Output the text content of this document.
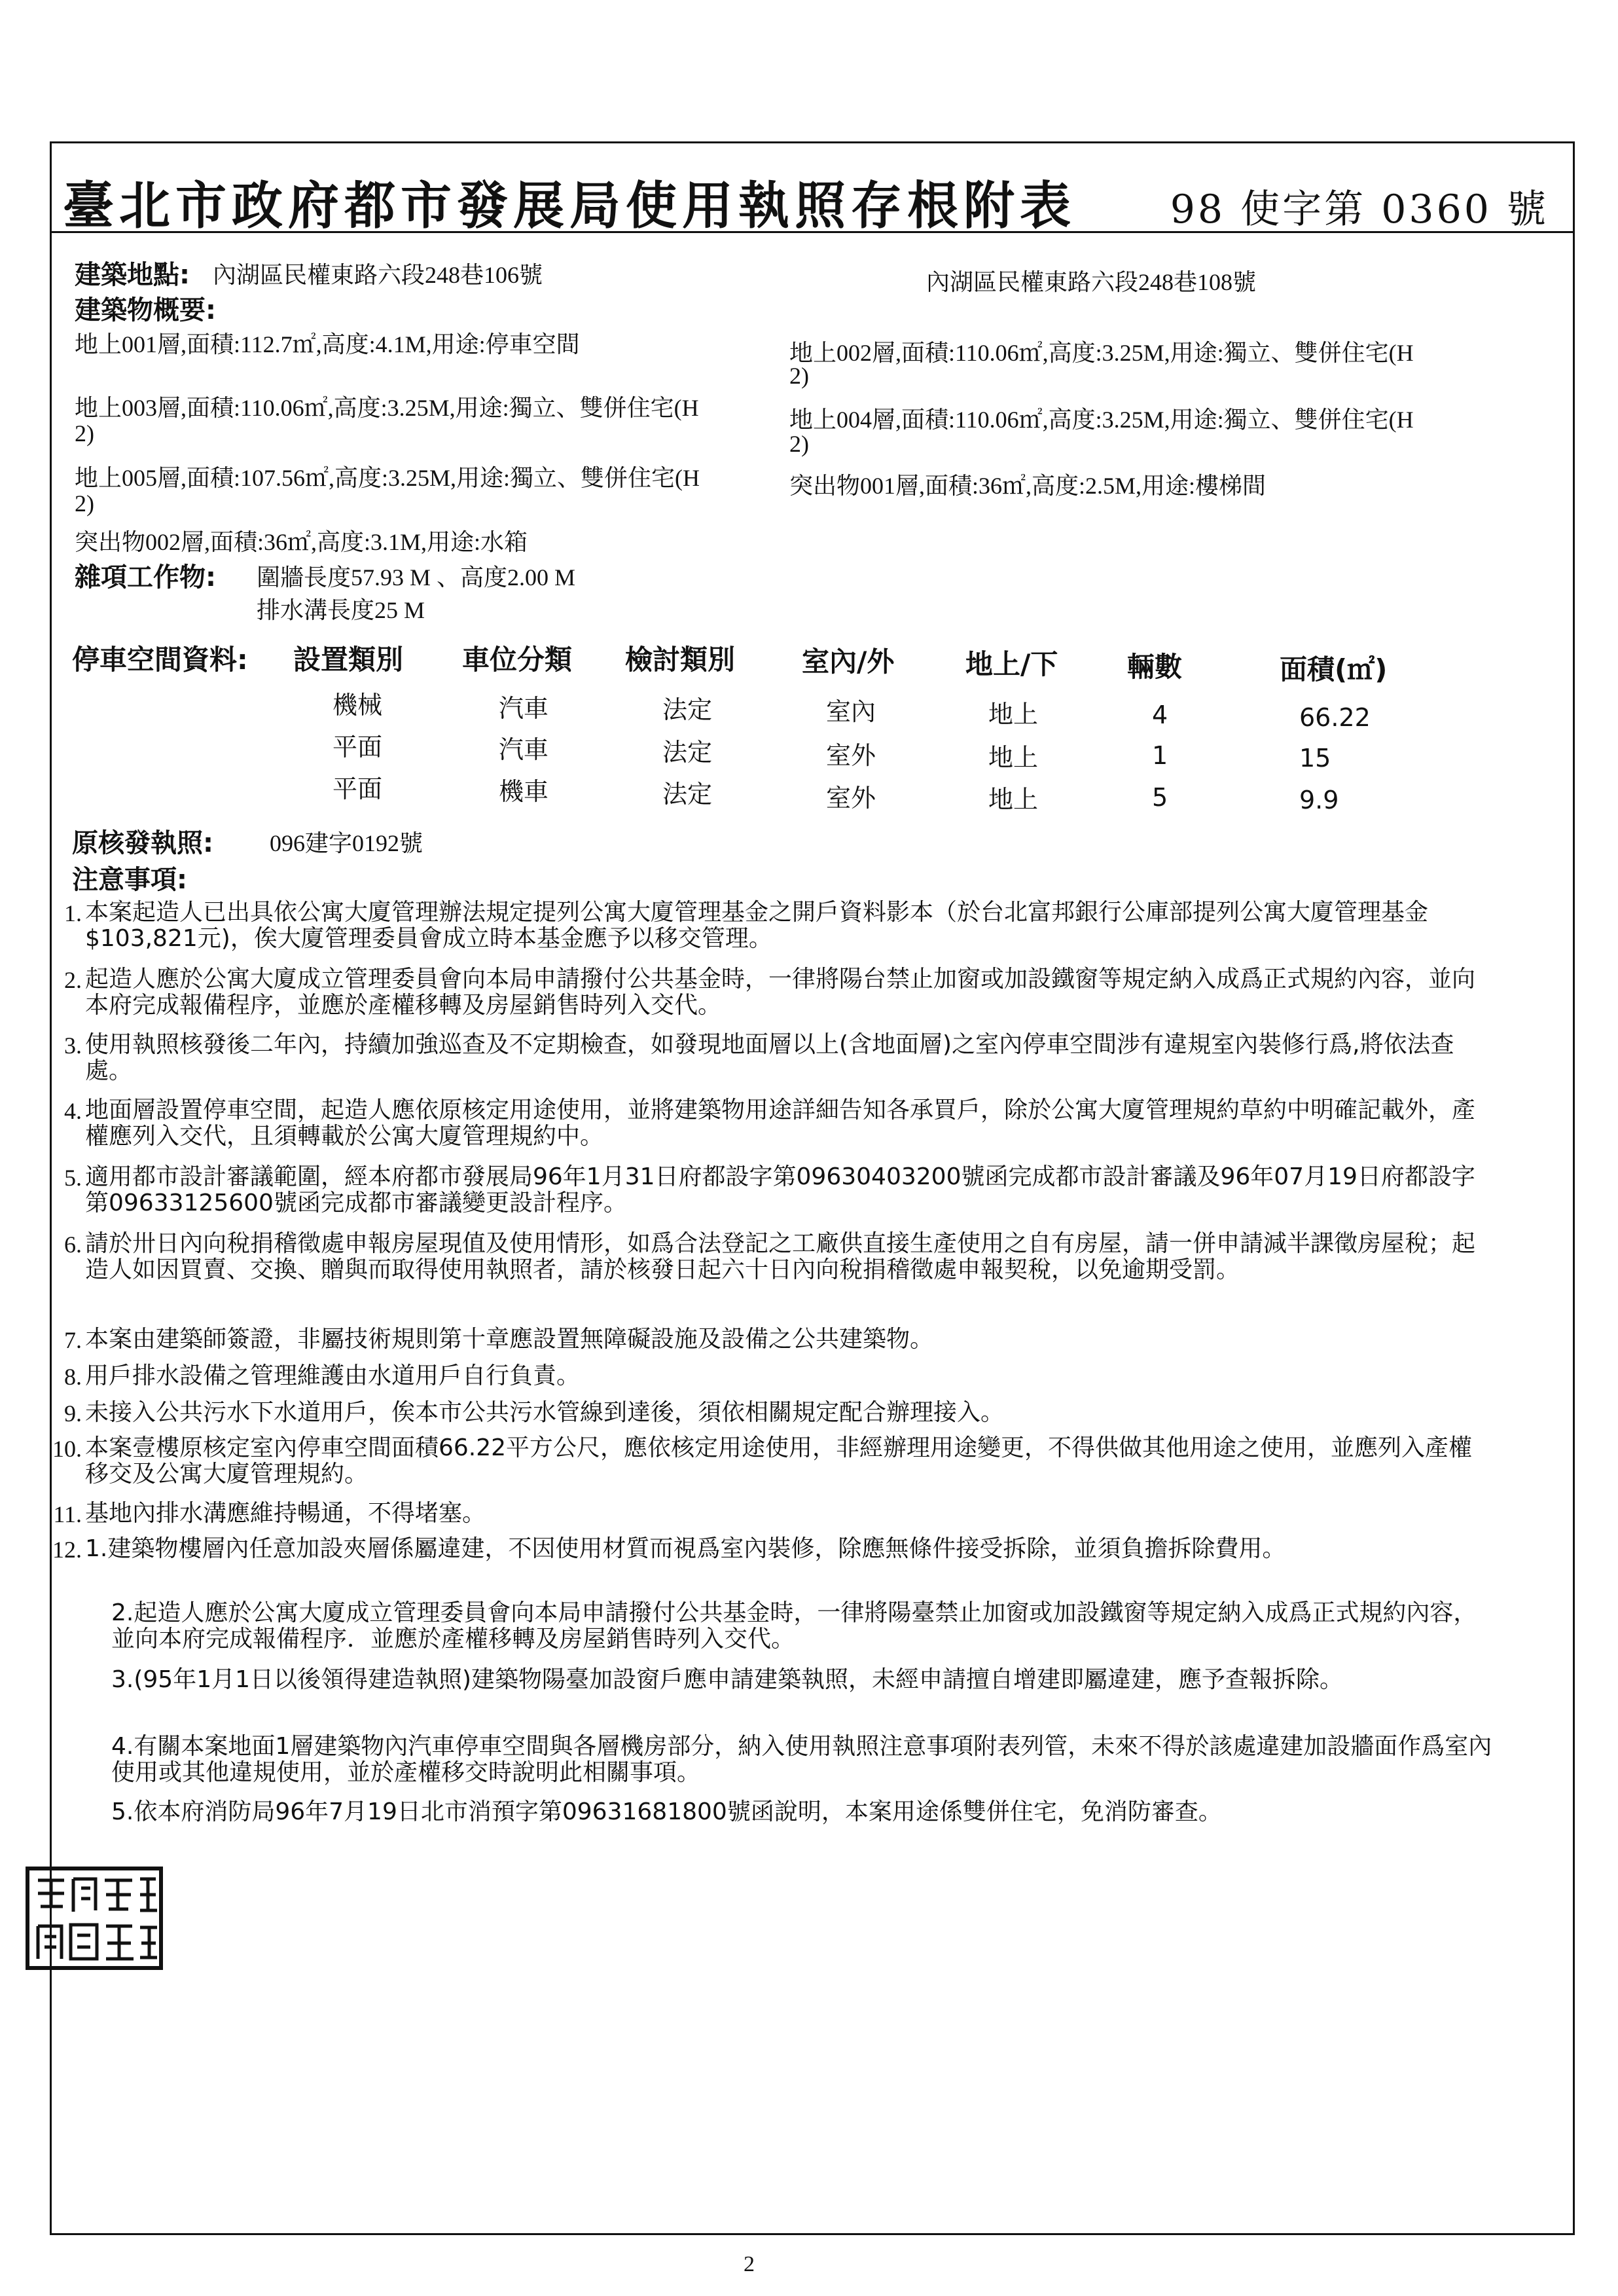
臺北市政府都市發展局使用執照存根附表 98 使字第 0360 號
建築地點: 內湖區民權東路六段248巷106號	內湖區民權東路六段248巷108號
建築物概要:
地上001層,面積:112.7㎡,高度:4.1M,用途:停車空間	地上002層,面積:110.06㎡,高度:3.25M,用途:獨立、雙併住宅(H
2)
地上003層,面積:110.06㎡,高度:3.25M,用途:獨立、雙併住宅(H
2)
地上004層,面積:110.06㎡,高度:3.25M,用途:獨立、雙併住宅(H
2)
地上005層,面積:107.56㎡,高度:3.25M,用途:獨立、雙併住宅(H
2)
突出物001層,面積:36㎡,高度:2.5M,用途:樓梯間
突出物002層,面積:36㎡,高度:3.1M,用途:水箱
雜項工作物: 圍牆長度57.93 M 、高度2.00 M
排水溝長度25 M
停車空間資料: 設置類別 車位分類 檢討類別 室內/外	地上/下	輛數	面積(㎡)
機械	汽車	法定	室內	地上	4	66.22
平面	汽車	法定	室外	地上	1	15
平面	機車	法定	室外	地上	5	9.9
原核發執照: 096建字0192號
注意事項:
1. 本案起造人已出具依公寓大廈管理辦法規定提列公寓大廈管理基金之開戶資料影本（於台北富邦銀行公庫部提列公寓大廈管理基金$103,821元)，俟大廈管理委員會成立時本基金應予以移交管理。
2. 起造人應於公寓大廈成立管理委員會向本局申請撥付公共基金時，一律將陽台禁止加窗或加設鐵窗等規定納入成爲正式規約內容，並向本府完成報備程序，並應於產權移轉及房屋銷售時列入交代。
3. 使用執照核發後二年內，持續加強巡查及不定期檢查，如發現地面層以上(含地面層)之室內停車空間涉有違規室內裝修行爲,將依法查處。
4. 地面層設置停車空間，起造人應依原核定用途使用，並將建築物用途詳細告知各承買戶，除於公寓大廈管理規約草約中明確記載外，產權應列入交代，且須轉載於公寓大廈管理規約中。
5. 適用都市設計審議範圍，經本府都市發展局96年1月31日府都設字第09630403200號函完成都市設計審議及96年07月19日府都設字第09633125600號函完成都市審議變更設計程序。
6. 請於卅日內向稅捐稽徵處申報房屋現值及使用情形，如爲合法登記之工廠供直接生產使用之自有房屋，請一併申請減半課徵房屋稅；起造人如因買賣、交換、贈與而取得使用執照者，請於核發日起六十日內向稅捐稽徵處申報契稅，以免逾期受罰。
7. 本案由建築師簽證，非屬技術規則第十章應設置無障礙設施及設備之公共建築物。
8. 用戶排水設備之管理維護由水道用戶自行負責。
9. 未接入公共污水下水道用戶，俟本市公共污水管線到達後，須依相關規定配合辦理接入。
10. 本案壹樓原核定室內停車空間面積66.22平方公尺，應依核定用途使用，非經辦理用途變更，不得供做其他用途之使用，並應列入產權移交及公寓大廈管理規約。
11. 基地內排水溝應維持暢通，不得堵塞。
12. 1.建築物樓層內任意加設夾層係屬違建，不因使用材質而視爲室內裝修，除應無條件接受拆除，並須負擔拆除費用。
2.起造人應於公寓大廈成立管理委員會向本局申請撥付公共基金時，一律將陽臺禁止加窗或加設鐵窗等規定納入成爲正式規約內容，並向本府完成報備程序．並應於產權移轉及房屋銷售時列入交代。
3.(95年1月1日以後領得建造執照)建築物陽臺加設窗戶應申請建築執照，未經申請擅自增建即屬違建，應予查報拆除。
4.有關本案地面1層建築物內汽車停車空間與各層機房部分，納入使用執照注意事項附表列管，未來不得於該處違建加設牆面作爲室內使用或其他違規使用，並於產權移交時說明此相關事項。
5.依本府消防局96年7月19日北市消預字第09631681800號函說明，本案用途係雙併住宅，免消防審查。
2
